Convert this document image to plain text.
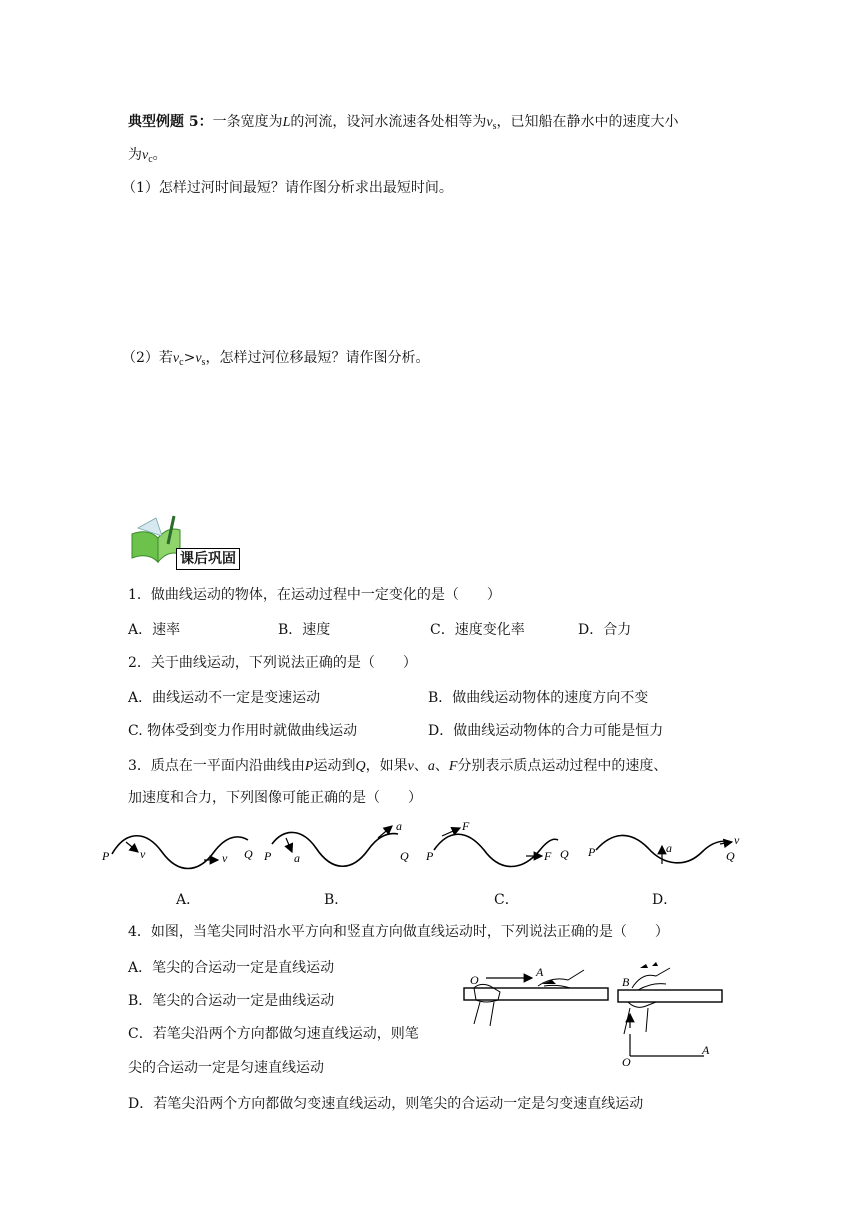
典型例题 5：一条宽度为L的河流，设河水流速各处相等为$v_s$，已知船在静水中的速度大小
为$v_c$。
（1）怎样过河时间最短？请作图分析求出最短时间。
（2）若$v_c>v_s$，怎样过河位移最短？请作图分析。
课后巩固
1．做曲线运动的物体，在运动过程中一定变化的是（　　）
A．速率	B．速度	C．速度变化率	D．合力
2．关于曲线运动，下列说法正确的是（　　）
A．曲线运动不一定是变速运动	B．做曲线运动物体的速度方向不变
C. 物体受到变力作用时就做曲线运动	D．做曲线运动物体的合力可能是恒力
3．质点在一平面内沿曲线由P运动到Q，如果v、a、F分别表示质点运动过程中的速度、
加速度和合力，下列图像可能正确的是（　　）
P	v	v Q P a
a
Q P
F
F Q P	a
v
Q
A．	B．	C．	D．
4．如图，当笔尖同时沿水平方向和竖直方向做直线运动时，下列说法正确的是（　　）
A．笔尖的合运动一定是直线运动
B．笔尖的合运动一定是曲线运动
C．若笔尖沿两个方向都做匀速直线运动，则笔
尖的合运动一定是匀速直线运动
D．若笔尖沿两个方向都做匀变速直线运动，则笔尖的合运动一定是匀变速直线运动
O
A
B
O
A
